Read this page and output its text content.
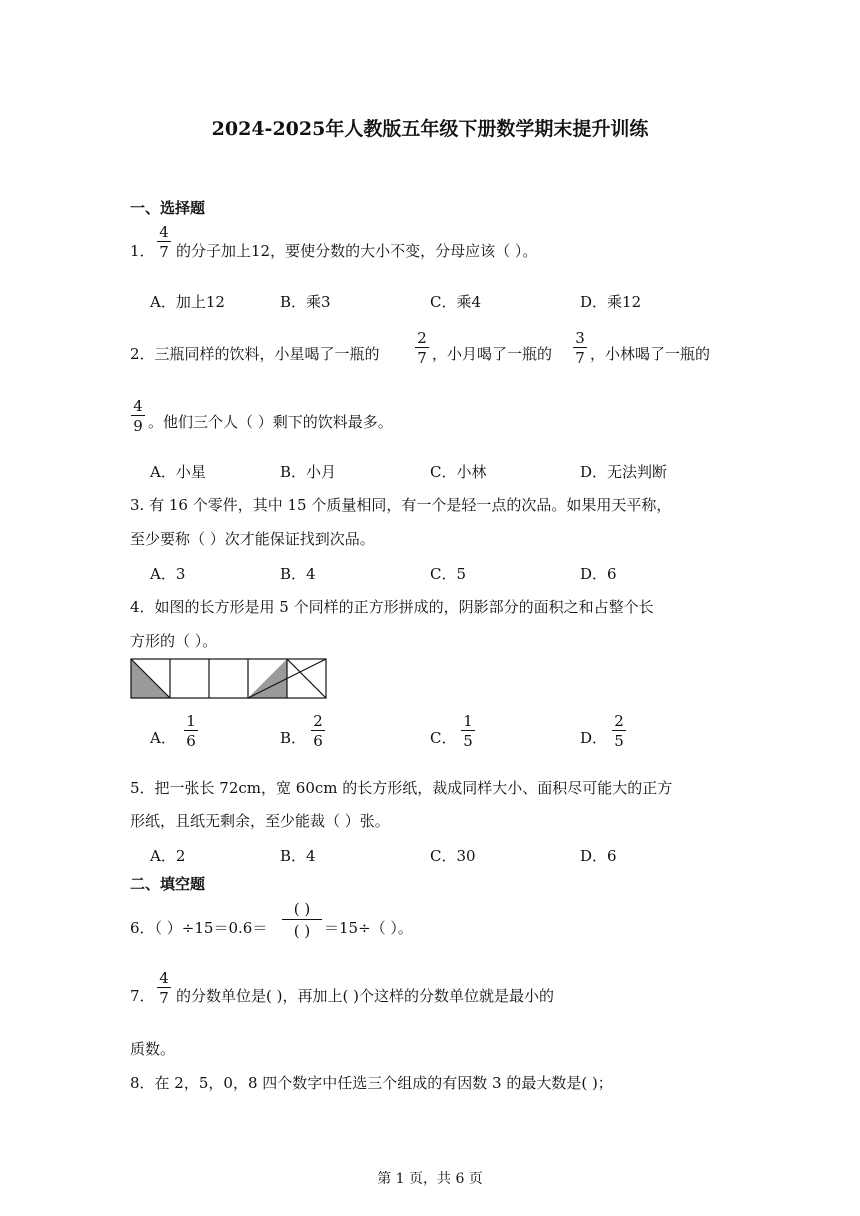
2024-2025年人教版五年级下册数学期末提升训练
一、选择题
1．
4
7 的分子加上12，要使分数的大小不变，分母应该（ ）。
A．加上12	B．乘3	C．乘4	D．乘12
2．三瓶同样的饮料，小星喝了一瓶的
2
7 ，小月喝了一瓶的
3
7 ，小林喝了一瓶的
4
9 。他们三个人（ ）剩下的饮料最多。
A．小星	B．小月	C．小林	D．无法判断
3. 有 16 个零件，其中 15 个质量相同，有一个是轻一点的次品。如果用天平称，
至少要称（ ）次才能保证找到次品。
A．3	B．4	C．5	D．6
4．如图的长方形是用 5 个同样的正方形拼成的，阴影部分的面积之和占整个长
方形的（ ）。
A．
1
6	B．
2
6	C．
1
5	D．
2
5
5．把一张长 72cm，宽 60cm 的长方形纸，裁成同样大小、面积尽可能大的正方
形纸，且纸无剩余，至少能裁（ ）张。
A．2	B．4	C．30	D．6
二、填空题
6．（ ）÷15＝0.6＝
( )
( ) ＝15÷（ ）。
7．
4
7 的分数单位是( )，再加上( )个这样的分数单位就是最小的
质数。
8．在 2，5，0，8 四个数字中任选三个组成的有因数 3 的最大数是( )；
第 1 页，共 6 页
